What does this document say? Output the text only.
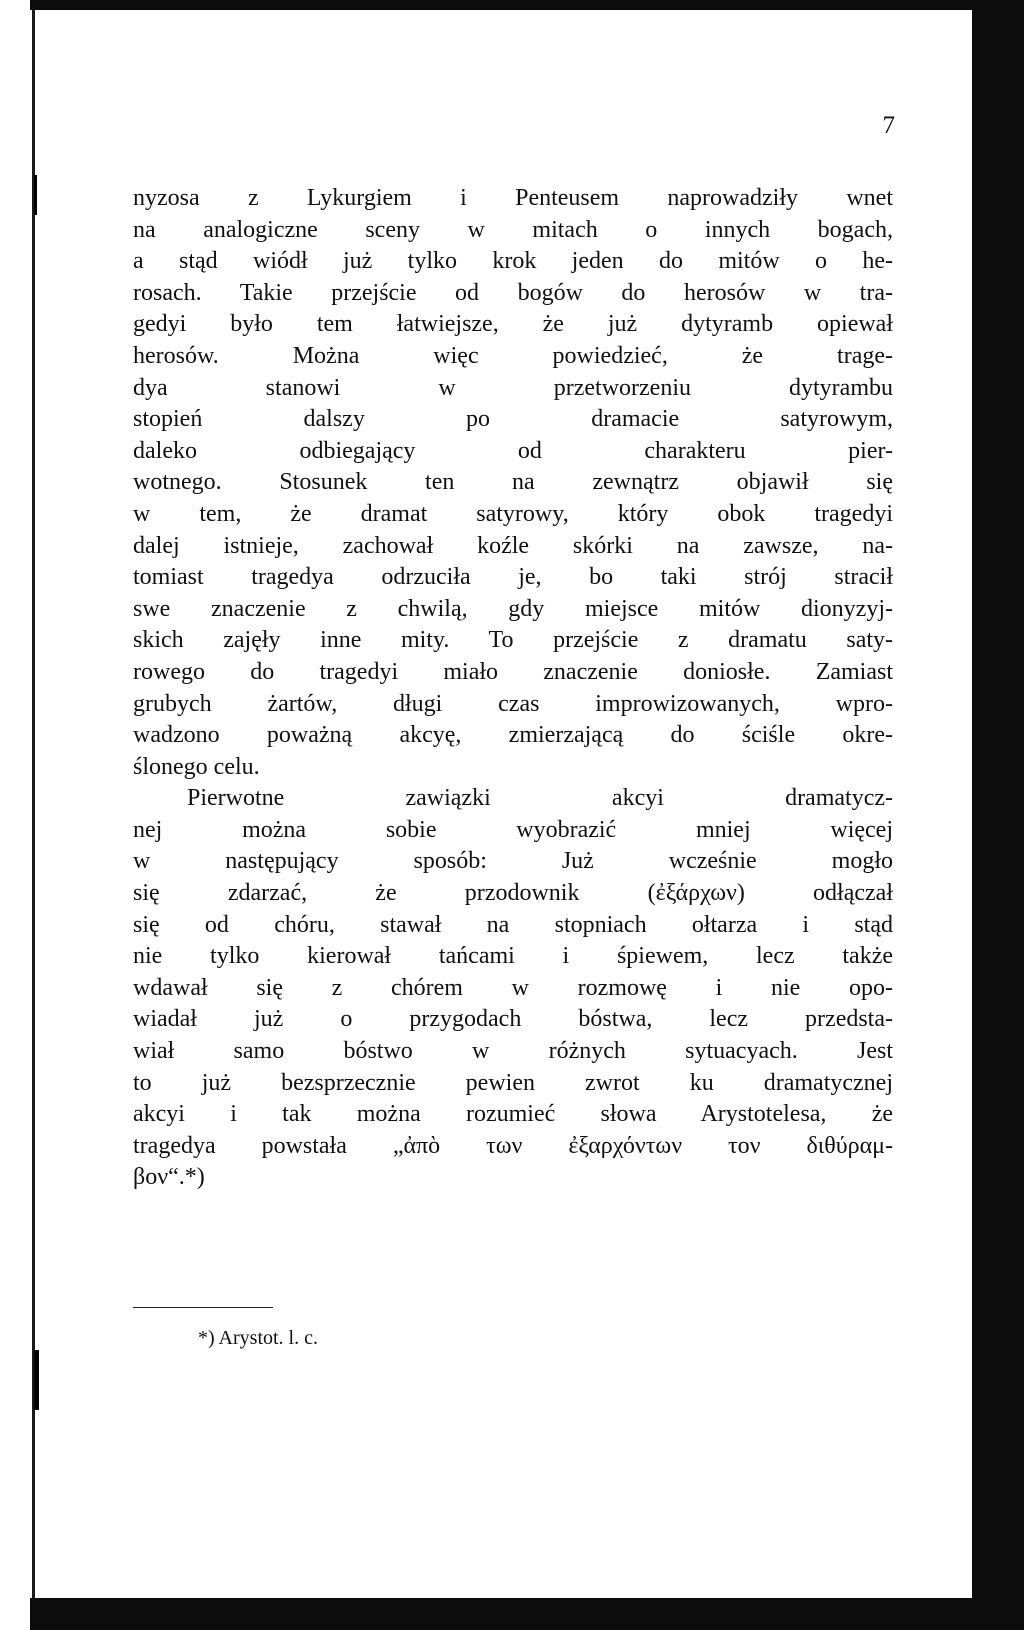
7
nyzosa z Lykurgiem i Penteusem naprowadziły wnet
na analogiczne sceny w mitach o innych bogach,
a stąd wiódł już tylko krok jeden do mitów o he-
rosach. Takie przejście od bogów do herosów w tra-
gedyi było tem łatwiejsze, że już dytyramb opiewał
herosów. Można więc powiedzieć, że trage-
dya stanowi w przetworzeniu dytyrambu
stopień dalszy po dramacie satyrowym,
daleko odbiegający od charakteru pier-
wotnego. Stosunek ten na zewnątrz objawił się
w tem, że dramat satyrowy, który obok tragedyi
dalej istnieje, zachował koźle skórki na zawsze, na-
tomiast tragedya odrzuciła je, bo taki strój stracił
swe znaczenie z chwilą, gdy miejsce mitów dionyzyj-
skich zajęły inne mity. To przejście z dramatu saty-
rowego do tragedyi miało znaczenie doniosłe. Zamiast
grubych żartów, długi czas improwizowanych, wpro-
wadzono poważną akcyę, zmierzającą do ściśle okre-
ślonego celu.
Pierwotne zawiązki akcyi dramatycz-
nej można sobie wyobrazić mniej więcej
w następujący sposób: Już wcześnie mogło
się zdarzać, że przodownik (ἐξάρχων) odłączał
się od chóru, stawał na stopniach ołtarza i stąd
nie tylko kierował tańcami i śpiewem, lecz także
wdawał się z chórem w rozmowę i nie opo-
wiadał już o przygodach bóstwa, lecz przedsta-
wiał samo bóstwo w różnych sytuacyach. Jest
to już bezsprzecznie pewien zwrot ku dramatycznej
akcyi i tak można rozumieć słowa Arystotelesa, że
tragedya powstała „ἀπὸ των ἐξαρχόντων τον διθύραμ-
βον“.*)
*) Arystot. l. c.
